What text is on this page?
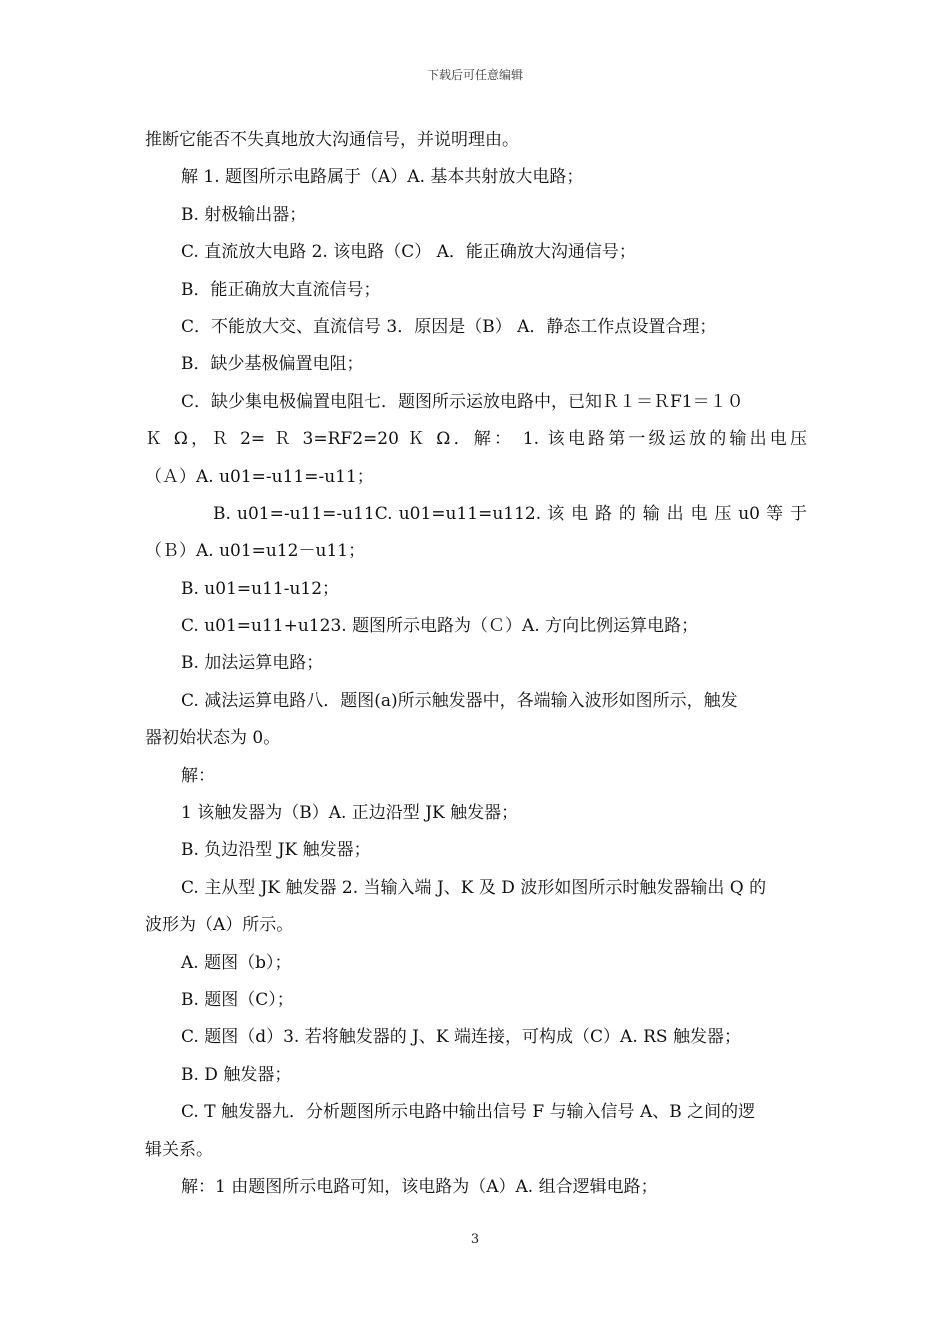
下载后可任意编辑
推断它能否不失真地放大沟通信号，并说明理由。
解 1. 题图所示电路属于（A）A. 基本共射放大电路；
B. 射极输出器；
C. 直流放大电路 2. 该电路（C） A．能正确放大沟通信号；
B．能正确放大直流信号；
C．不能放大交、直流信号 3．原因是（B） A．静态工作点设置合理；
B．缺少基极偏置电阻；
C．缺少集电极偏置电阻七．题图所示运放电路中，已知Ｒ１＝ＲF1＝１０
Ｋ Ω，Ｒ 2= Ｒ 3=RF2=20 Ｋ Ω．解： 1. 该电路第一级运放的输出电压
（Ａ）A. u01=-u11=-u11；
B. u01=-u11=-u11C. u01=u11=u112. 该 电 路 的 输 出 电 压 u0 等 于
（Ｂ）A. u01=u12－u11；
B. u01=u11-u12；
C. u01=u11+u123. 题图所示电路为（Ｃ）A. 方向比例运算电路；
B. 加法运算电路；
C. 减法运算电路八．题图(a)所示触发器中，各端输入波形如图所示，触发
器初始状态为 0。
解：
1 该触发器为（B）A. 正边沿型 JK 触发器；
B. 负边沿型 JK 触发器；
C. 主从型 JK 触发器 2. 当输入端 J、K 及 D 波形如图所示时触发器输出 Q 的
波形为（A）所示。
A. 题图（b）；
B. 题图（C）；
C. 题图（d）3. 若将触发器的 J、K 端连接，可构成（C）A. RS 触发器；
B. D 触发器；
C. T 触发器九．分析题图所示电路中输出信号 F 与输入信号 A、B 之间的逻
辑关系。
解：1 由题图所示电路可知，该电路为（A）A. 组合逻辑电路；
3
